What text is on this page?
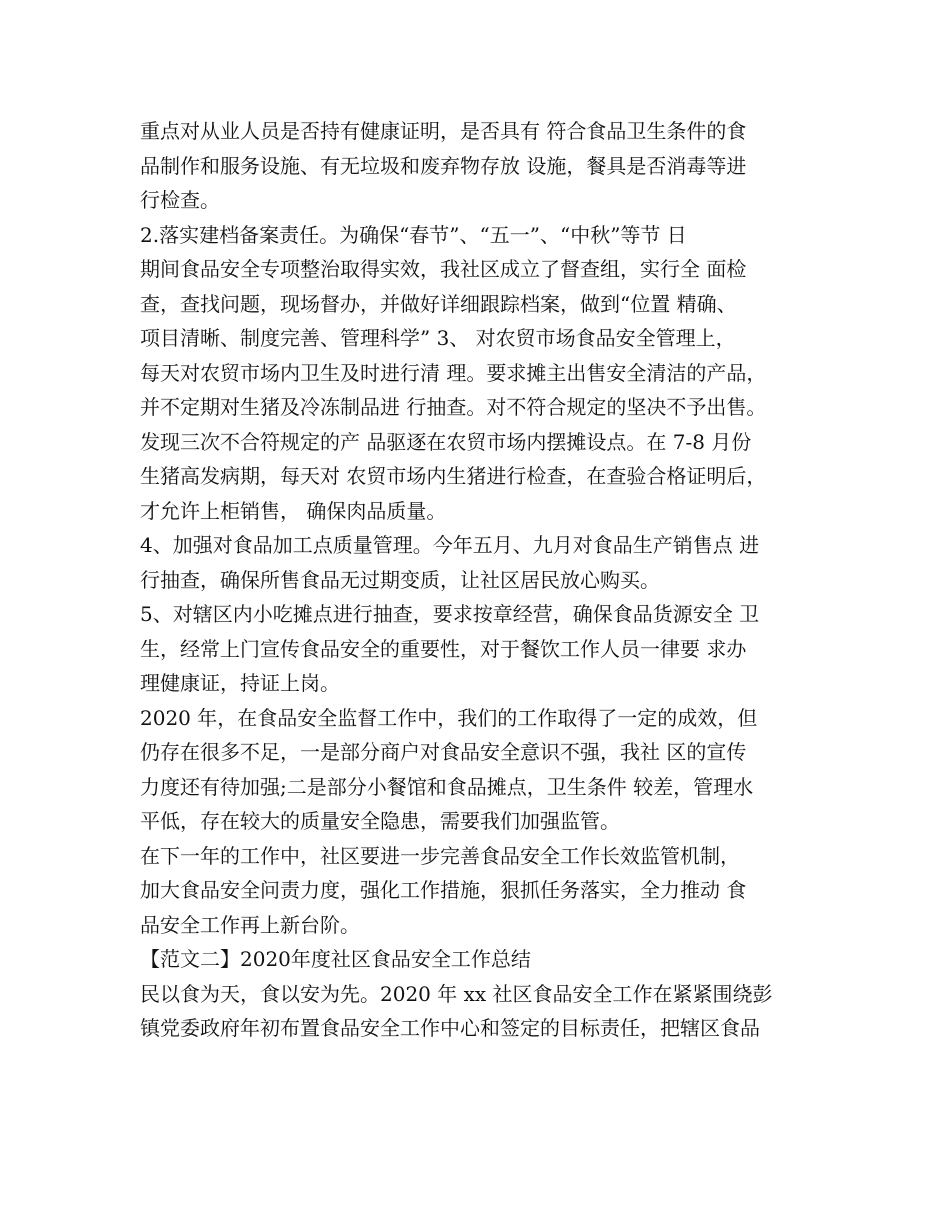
重点对从业人员是否持有健康证明，是否具有 符合食品卫生条件的食
品制作和服务设施、有无垃圾和废弃物存放 设施，餐具是否消毒等进
行检查。
2.落实建档备案责任。为确保“春节”、“五一”、“中秋”等节 日
期间食品安全专项整治取得实效，我社区成立了督查组，实行全 面检
查，查找问题，现场督办，并做好详细跟踪档案，做到“位置 精确、
项目清晰、制度完善、管理科学” 3、 对农贸市场食品安全管理上，
每天对农贸市场内卫生及时进行清 理。要求摊主出售安全清洁的产品，
并不定期对生猪及冷冻制品进 行抽查。对不符合规定的坚决不予出售。
发现三次不合符规定的产 品驱逐在农贸市场内摆摊设点。在 7-8 月份
生猪高发病期，每天对 农贸市场内生猪进行检查，在查验合格证明后，
才允许上柜销售， 确保肉品质量。
4、加强对食品加工点质量管理。今年五月、九月对食品生产销售点 进
行抽查，确保所售食品无过期变质，让社区居民放心购买。
5、对辖区内小吃摊点进行抽查，要求按章经营，确保食品货源安全 卫
生，经常上门宣传食品安全的重要性，对于餐饮工作人员一律要 求办
理健康证，持证上岗。
2020 年，在食品安全监督工作中，我们的工作取得了一定的成效，但
仍存在很多不足，一是部分商户对食品安全意识不强，我社 区的宣传
力度还有待加强;二是部分小餐馆和食品摊点，卫生条件 较差，管理水
平低，存在较大的质量安全隐患，需要我们加强监管。
在下一年的工作中，社区要进一步完善食品安全工作长效监管机制，
加大食品安全问责力度，强化工作措施，狠抓任务落实，全力推动 食
品安全工作再上新台阶。
【范文二】2020年度社区食品安全工作总结
民以食为天，食以安为先。2020 年 xx 社区食品安全工作在紧紧围绕彭
镇党委政府年初布置食品安全工作中心和签定的目标责任，把辖区食品
